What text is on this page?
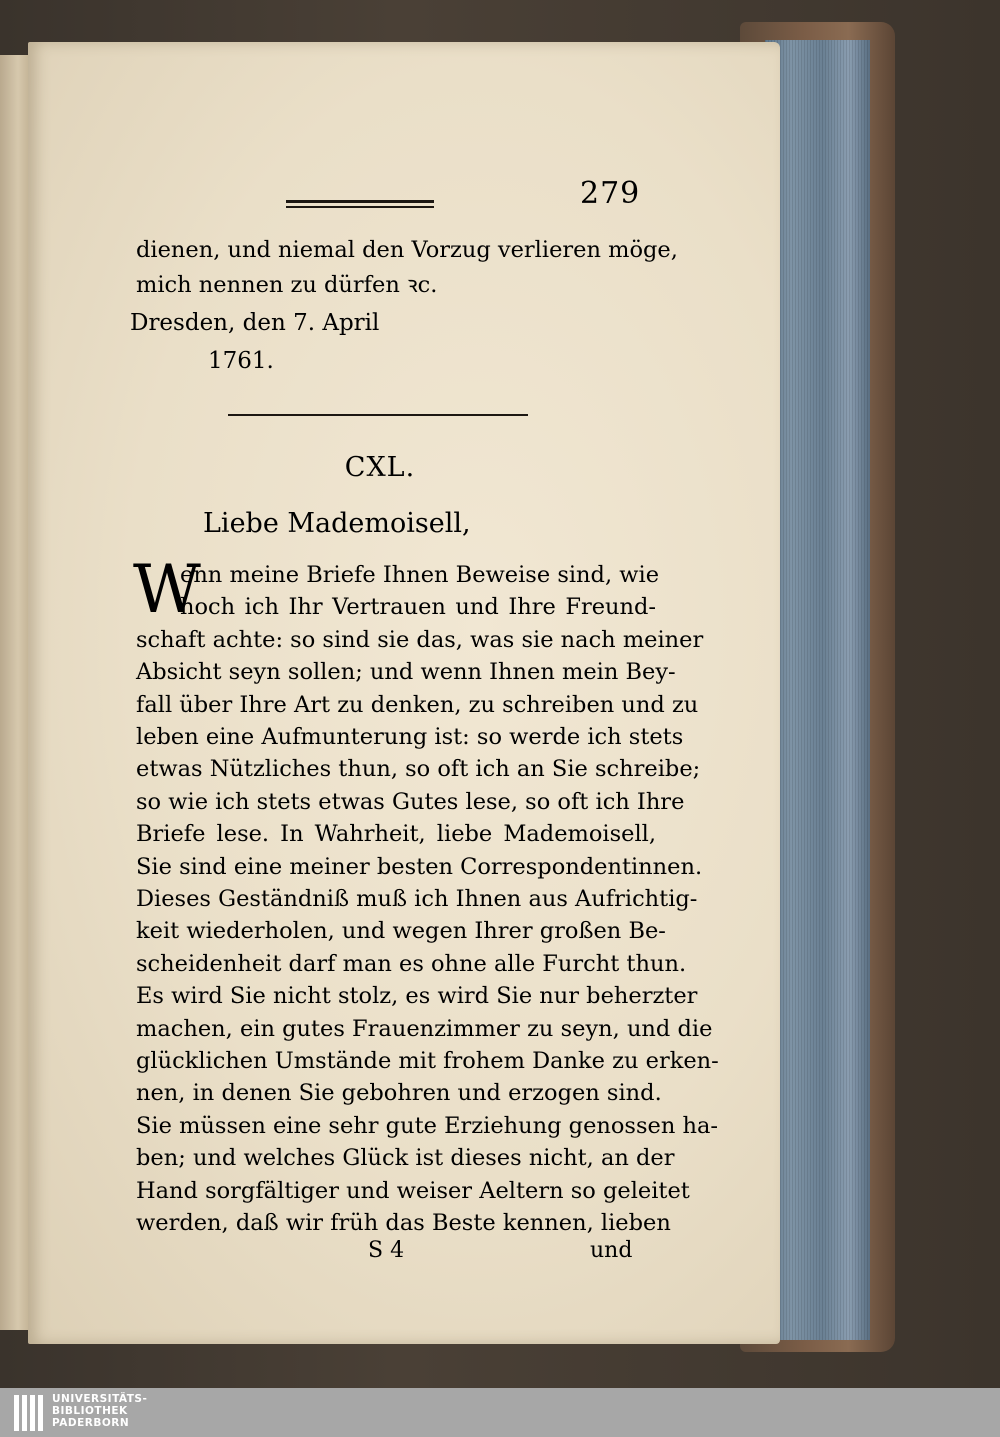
279
dienen, und niemal den Vorzug verlieren möge,
mich nennen zu dürfen ꝛc.
Dresden, den 7. April
1761.
CXL.
Liebe Mademoisell,
W
enn meine Briefe Ihnen Beweise sind, wie
hoch ich Ihr Vertrauen und Ihre Freund-
schaft achte: so sind sie das, was sie nach meiner
Absicht seyn sollen; und wenn Ihnen mein Bey-
fall über Ihre Art zu denken, zu schreiben und zu
leben eine Aufmunterung ist: so werde ich stets
etwas Nützliches thun, so oft ich an Sie schreibe;
so wie ich stets etwas Gutes lese, so oft ich Ihre
Briefe lese. In Wahrheit, liebe Mademoisell,
Sie sind eine meiner besten Correspondentinnen.
Dieses Geständniß muß ich Ihnen aus Aufrichtig-
keit wiederholen, und wegen Ihrer großen Be-
scheidenheit darf man es ohne alle Furcht thun.
Es wird Sie nicht stolz, es wird Sie nur beherzter
machen, ein gutes Frauenzimmer zu seyn, und die
glücklichen Umstände mit frohem Danke zu erken-
nen, in denen Sie gebohren und erzogen sind.
Sie müssen eine sehr gute Erziehung genossen ha-
ben; und welches Glück ist dieses nicht, an der
Hand sorgfältiger und weiser Aeltern so geleitet
werden, daß wir früh das Beste kennen, lieben
S 4	und
UNIVERSITÄTS-
BIBLIOTHEK
PADERBORN
